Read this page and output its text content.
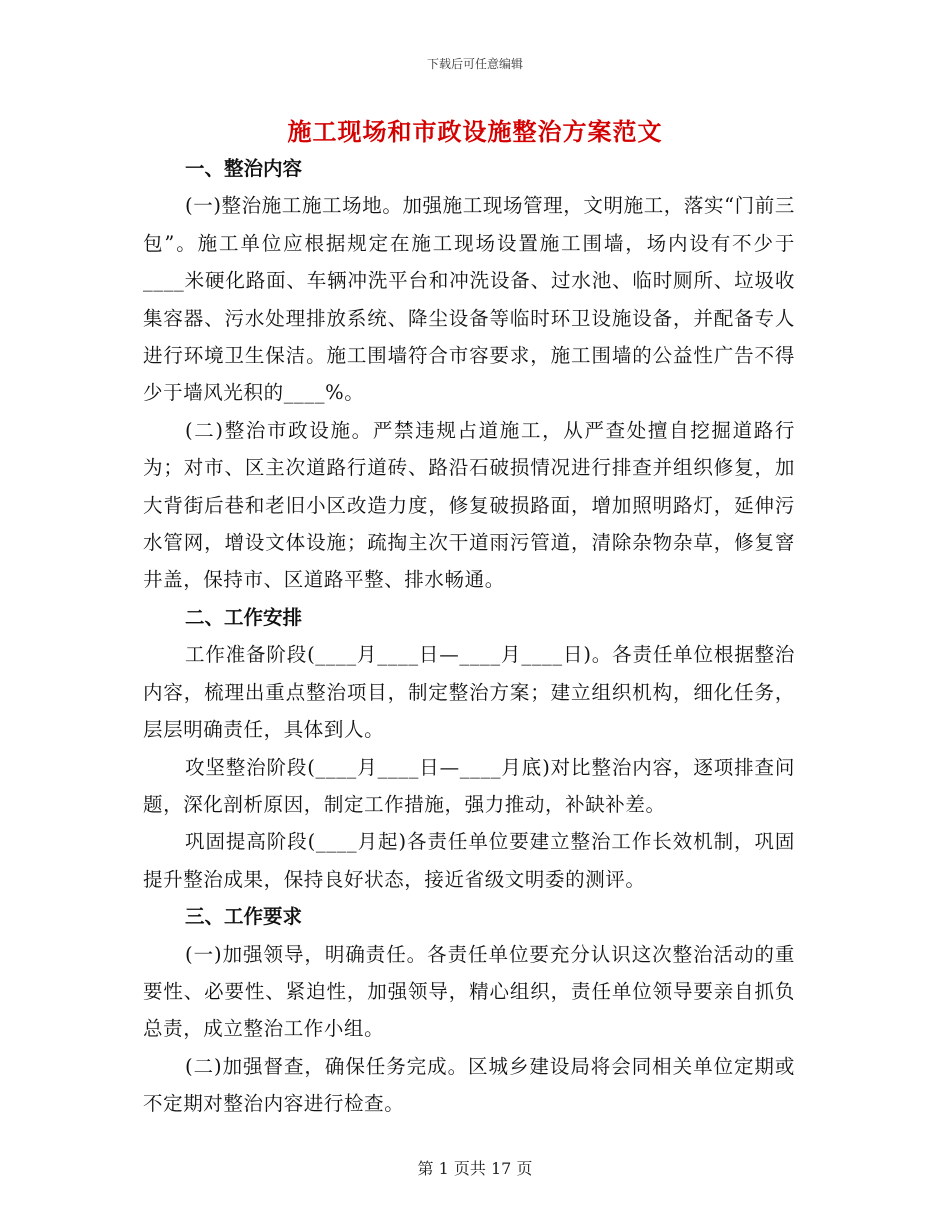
下载后可任意编辑
施工现场和市政设施整治方案范文

一、整治内容

(一)整治施工施工场地。加强施工现场管理，文明施工，落实“门前三包”。施工单位应根据规定在施工现场设置施工围墙，场内设有不少于____米硬化路面、车辆冲洗平台和冲洗设备、过水池、临时厕所、垃圾收集容器、污水处理排放系统、降尘设备等临时环卫设施设备，并配备专人进行环境卫生保洁。施工围墙符合市容要求，施工围墙的公益性广告不得少于墙风光积的____%。

(二)整治市政设施。严禁违规占道施工，从严查处擅自挖掘道路行为；对市、区主次道路行道砖、路沿石破损情况进行排查并组织修复，加大背街后巷和老旧小区改造力度，修复破损路面，增加照明路灯，延伸污水管网，增设文体设施；疏掏主次干道雨污管道，清除杂物杂草，修复窨井盖，保持市、区道路平整、排水畅通。

二、工作安排

工作准备阶段(____月____日—____月____日)。各责任单位根据整治内容，梳理出重点整治项目，制定整治方案；建立组织机构，细化任务，层层明确责任，具体到人。

攻坚整治阶段(____月____日—____月底)对比整治内容，逐项排查问题，深化剖析原因，制定工作措施，强力推动，补缺补差。

巩固提高阶段(____月起)各责任单位要建立整治工作长效机制，巩固提升整治成果，保持良好状态，接近省级文明委的测评。

三、工作要求

(一)加强领导，明确责任。各责任单位要充分认识这次整治活动的重要性、必要性、紧迫性，加强领导，精心组织，责任单位领导要亲自抓负总责，成立整治工作小组。

(二)加强督查，确保任务完成。区城乡建设局将会同相关单位定期或不定期对整治内容进行检查。

第 1 页共 17 页
